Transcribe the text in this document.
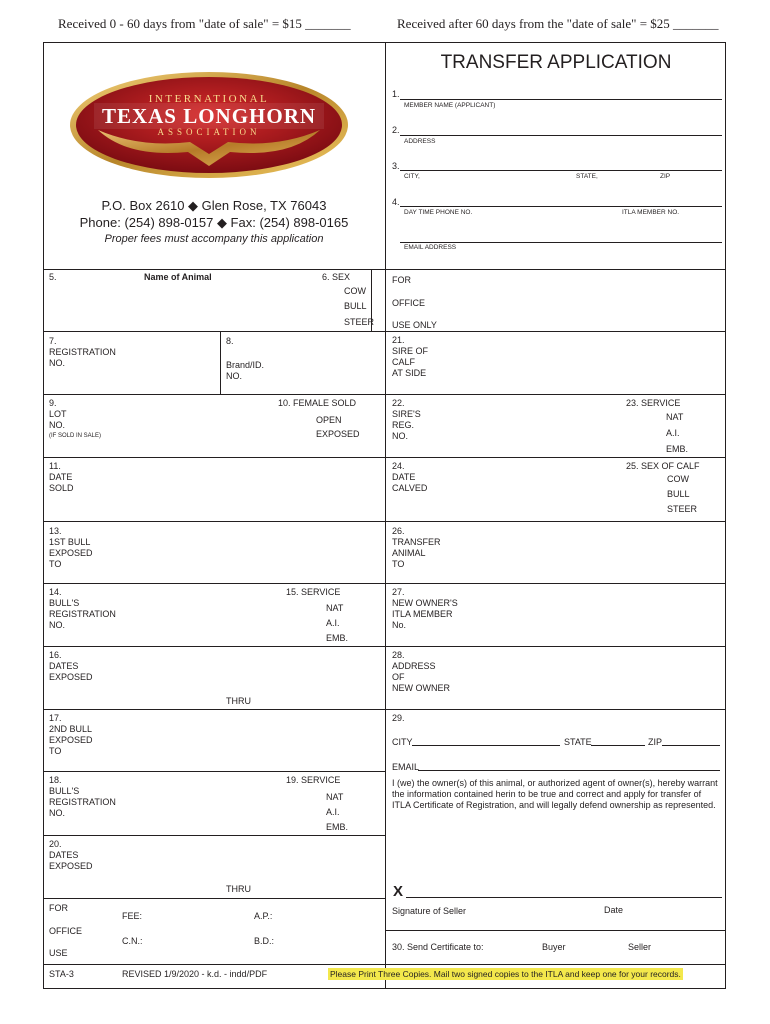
Received 0 - 60 days from "date of sale" = $15 _______	Received after 60 days from the "date of sale" = $25 _______
INTERNATIONAL
TEXAS LONGHORN
ASSOCIATION
P.O. Box 2610 ◆ Glen Rose, TX 76043
Phone: (254) 898-0157 ◆ Fax: (254) 898-0165
Proper fees must accompany this application
TRANSFER APPLICATION
1.
MEMBER NAME (APPLICANT)
2.
ADDRESS
3.
CITY,	STATE,	ZIP
4.
DAY TIME PHONE NO.	ITLA MEMBER NO.
EMAIL ADDRESS
5.	Name of Animal	6. SEX
COW
BULL
STEER
FOR
OFFICE
USE ONLY
7.
REGISTRATION
NO.
8.
Brand/ID.
NO.
9.
LOT
NO.
(IF SOLD IN SALE)
10. FEMALE SOLD
OPEN
EXPOSED
11.
DATE
SOLD
13.
1ST BULL
EXPOSED
TO
14.
BULL'S
REGISTRATION
NO.
15. SERVICE
NAT
A.I.
EMB.
16.
DATES
EXPOSED
THRU
17.
2ND BULL
EXPOSED
TO
18.
BULL'S
REGISTRATION
NO.
19. SERVICE
NAT
A.I.
EMB.
20.
DATES
EXPOSED
THRU
FOR
OFFICE
USE
FEE:	A.P.:
C.N.:	B.D.:
21.
SIRE OF
CALF
AT SIDE
22.
SIRE'S
REG.
NO.
23. SERVICE
NAT
A.I.
EMB.
24.
DATE
CALVED
25. SEX OF CALF
COW
BULL
STEER
26.
TRANSFER
ANIMAL
TO
27.
NEW OWNER'S
ITLA MEMBER
No.
28.
ADDRESS
OF
NEW OWNER
29.
CITY	STATE	ZIP
EMAIL
I (we) the owner(s) of this animal, or authorized agent of owner(s), hereby warrant the information contained herin to be true and correct and apply for transfer of ITLA Certificate of Registration, and will legally defend ownership as represented.
X
Signature of Seller	Date
30. Send Certificate to:	Buyer	Seller
STA-3	REVISED 1/9/2020 - k.d. - indd/PDF	Please Print Three Copies. Mail two signed copies to the ITLA and keep one for your records.
